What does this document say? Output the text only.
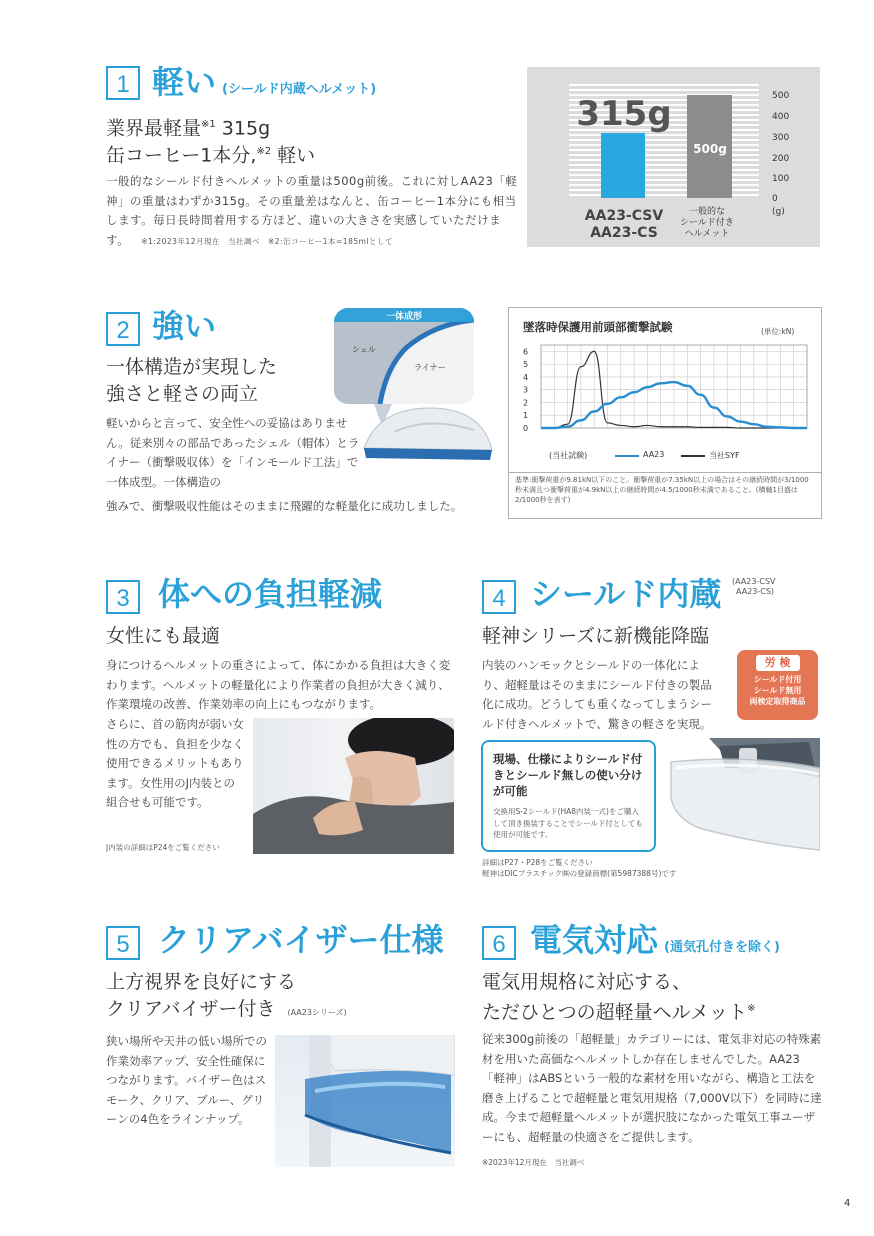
1 軽い (シールド内蔵ヘルメット)
業界最軽量$^{※1}$ 315g
缶コーヒー1本分,$^{※2}$ 軽い
一般的なシールド付きヘルメットの重量は500g前後。これに対しAA23「軽神」の重量はわずか315g。その重量差はなんと、缶コーヒー1本分にも相当します。毎日長時間着用する方ほど、違いの大きさを実感していただけます。 ※1:2023年12月現在　当社調べ　※2:缶コーヒー1本=185mlとして
500
400
300
200
100
0
(g)
315g
500g
AA23-CSV
AA23-CS
一般的な
シールド付き
ヘルメット
2 強い
一体構造が実現した
強さと軽さの両立
軽いからと言って、安全性への妥協はありません。従来別々の部品であったシェル（帽体）とライナー（衝撃吸収体）を「インモールド工法」で一体成型。一体構造の
強みで、衝撃吸収性能はそのままに飛躍的な軽量化に成功しました。
一体成形
シェル
ライナー
墜落時保護用前頭部衝撃試験	(単位:kN)
6
5
4
3
2
1
0
(当社試験)	AA23	当社SYF
基準:衝撃荷重が9.81kN以下のこと。衝撃荷重が7.35kN以上の場合はその継続時間が3/1000秒未満且つ衝撃荷重が4.9kN以上の継続時間が4.5/1000秒未満であること。(横軸1目盛は2/1000秒を表す)
3 体への負担軽減
女性にも最適
身につけるヘルメットの重さによって、体にかかる負担は大きく変わります。ヘルメットの軽量化により作業者の負担が大きく減り、作業環境の改善、作業効率の向上にもつながります。
さらに、首の筋肉が弱い女性の方でも、負担を少なく使用できるメリットもあります。女性用のJ内装との組合せも可能です。
J内装の詳細はP24をご覧ください
4 シールド内蔵 (AA23-CSV
AA23-CS)
軽神シリーズに新機能降臨
内装のハンモックとシールドの一体化により、超軽量はそのままにシールド付きの製品化に成功。どうしても重くなってしまうシールド付きヘルメットで、驚きの軽さを実現。
労 検
シールド付用
シールド無用
両検定取得商品
現場、仕様によりシールド付きとシールド無しの使い分けが可能
交換用S-2シールド(HA8内装一式)をご購入して頂き換装することでシールド付としても使用が可能です。
詳細はP27・P28をご覧ください
軽神はDICプラスチック㈱の登録商標(第5987388号)です
5 クリアバイザー仕様
上方視界を良好にする
クリアバイザー付き (AA23シリーズ)
狭い場所や天井の低い場所での作業効率アップ、安全性確保につながります。バイザー色はスモーク、クリア、ブルー、グリーンの4色をラインナップ。
6 電気対応 (通気孔付きを除く)
電気用規格に対応する、
ただひとつの超軽量ヘルメット※
従来300g前後の「超軽量」カテゴリーには、電気非対応の特殊素材を用いた高価なヘルメットしか存在しませんでした。AA23「軽神」はABSという一般的な素材を用いながら、構造と工法を磨き上げることで超軽量と電気用規格（7,000V以下）を同時に達成。今まで超軽量ヘルメットが選択肢になかった電気工事ユーザーにも、超軽量の快適さをご提供します。
※2023年12月現在　当社調べ
4
